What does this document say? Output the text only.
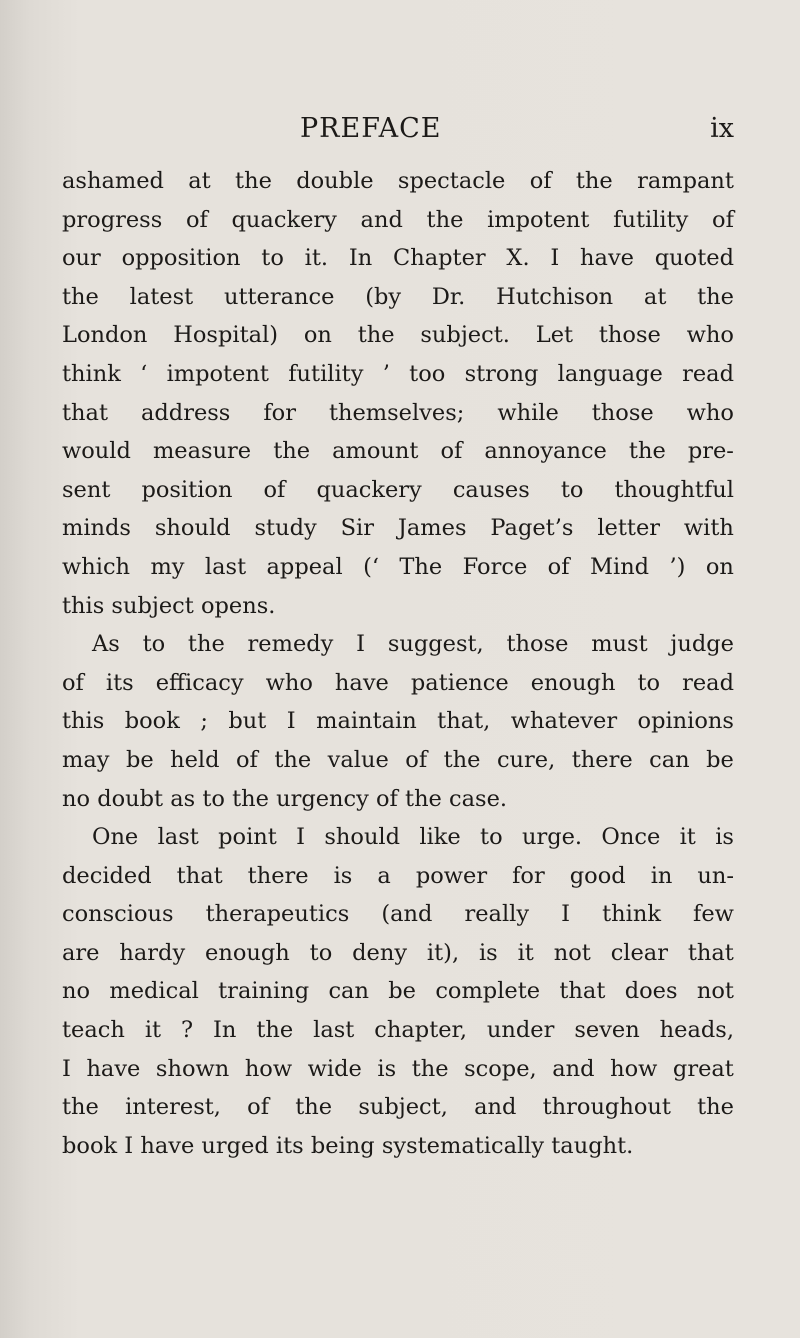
PREFACE	ix
ashamed at the double spectacle of the rampant
progress of quackery and the impotent futility of
our opposition to it. In Chapter X. I have quoted
the latest utterance (by Dr. Hutchison at the
London Hospital) on the subject. Let those who
think ‘ impotent futility ’ too strong language read
that address for themselves; while those who
would measure the amount of annoyance the pre-
sent position of quackery causes to thoughtful
minds should study Sir James Paget’s letter with
which my last appeal (‘ The Force of Mind ’) on
this subject opens.
As to the remedy I suggest, those must judge
of its efficacy who have patience enough to read
this book ; but I maintain that, whatever opinions
may be held of the value of the cure, there can be
no doubt as to the urgency of the case.
One last point I should like to urge. Once it is
decided that there is a power for good in un-
conscious therapeutics (and really I think few
are hardy enough to deny it), is it not clear that
no medical training can be complete that does not
teach it ? In the last chapter, under seven heads,
I have shown how wide is the scope, and how great
the interest, of the subject, and throughout the
book I have urged its being systematically taught.
